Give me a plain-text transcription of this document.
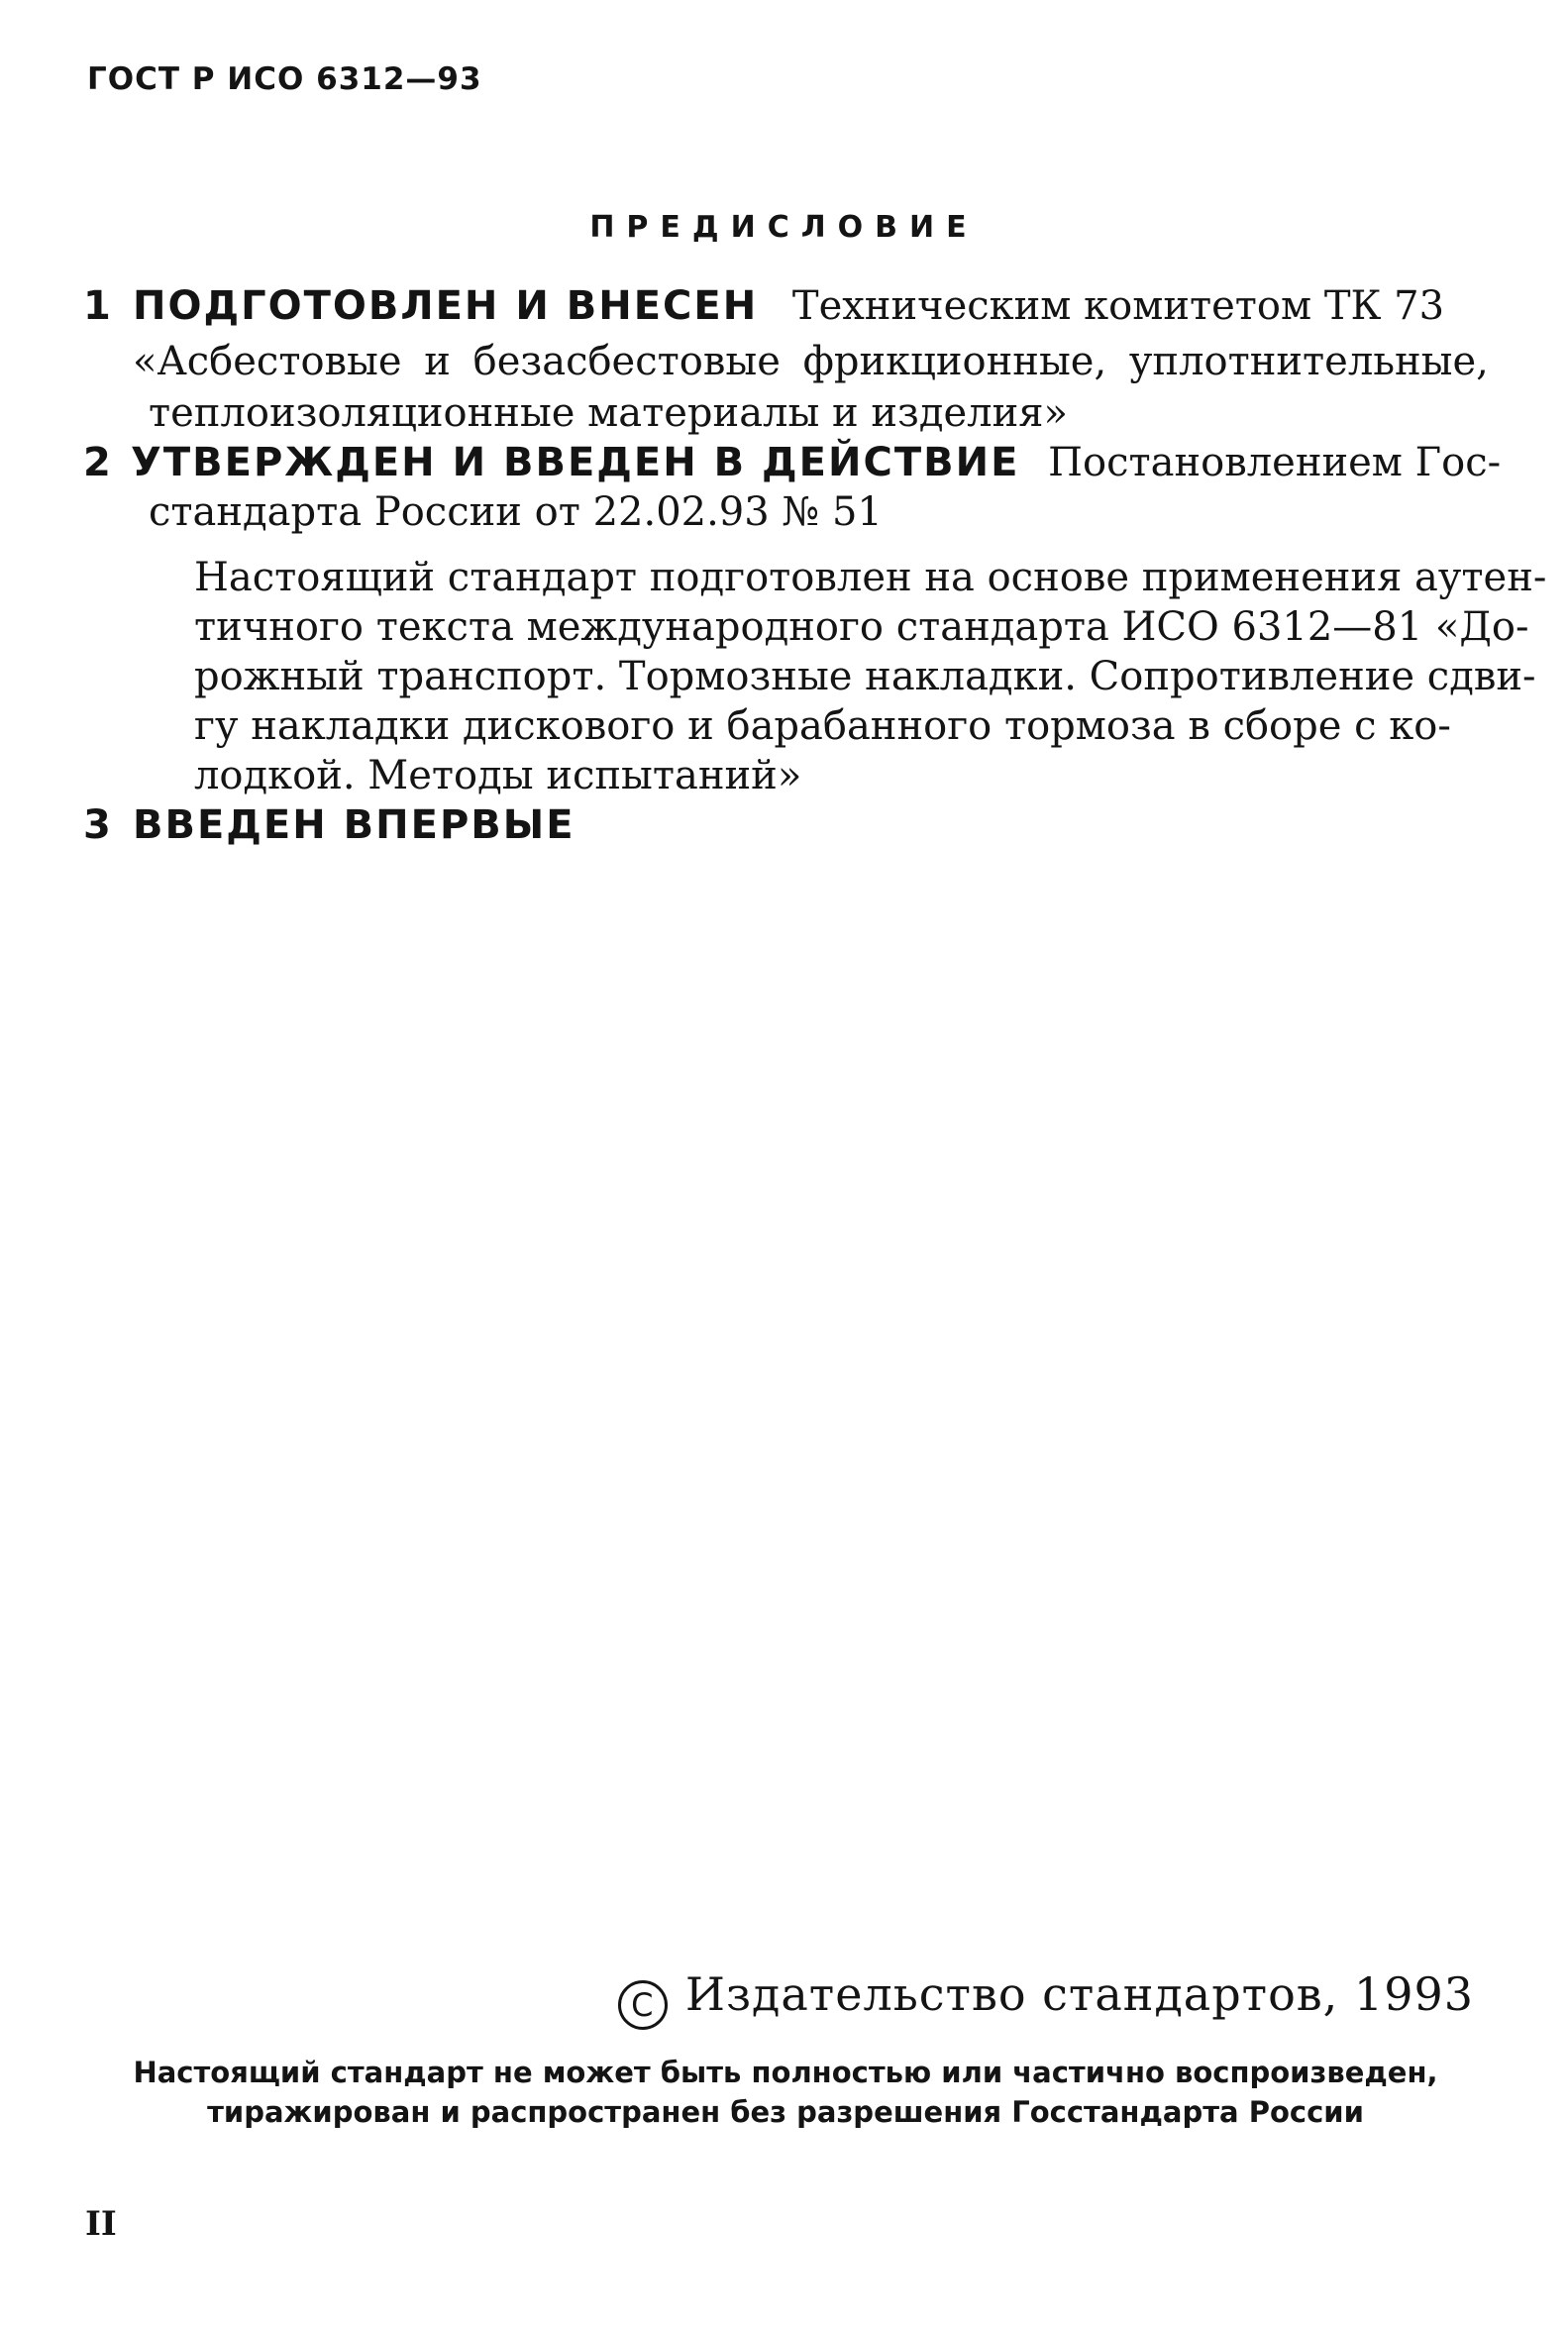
ГОСТ Р ИСО 6312—93
ПРЕДИСЛОВИЕ
1 ПОДГОТОВЛЕН И ВНЕСЕН Техническим комитетом ТК 73
«Асбестовые и безасбестовые фрикционные, уплотнительные,
теплоизоляционные материалы и изделия»
2 УТВЕРЖДЕН И ВВЕДЕН В ДЕЙСТВИЕ Постановлением Гос-
стандарта России от 22.02.93 № 51
Настоящий стандарт подготовлен на основе применения аутен-
тичного текста международного стандарта ИСО 6312—81 «До-
рожный транспорт. Тормозные накладки. Сопротивление сдви-
гу накладки дискового и барабанного тормоза в сборе с ко-
лодкой. Методы испытаний»
3 ВВЕДЕН ВПЕРВЫЕ
C Издательство стандартов, 1993
Настоящий стандарт не может быть полностью или частично воспроизведен,
тиражирован и распространен без разрешения Госстандарта России
II
